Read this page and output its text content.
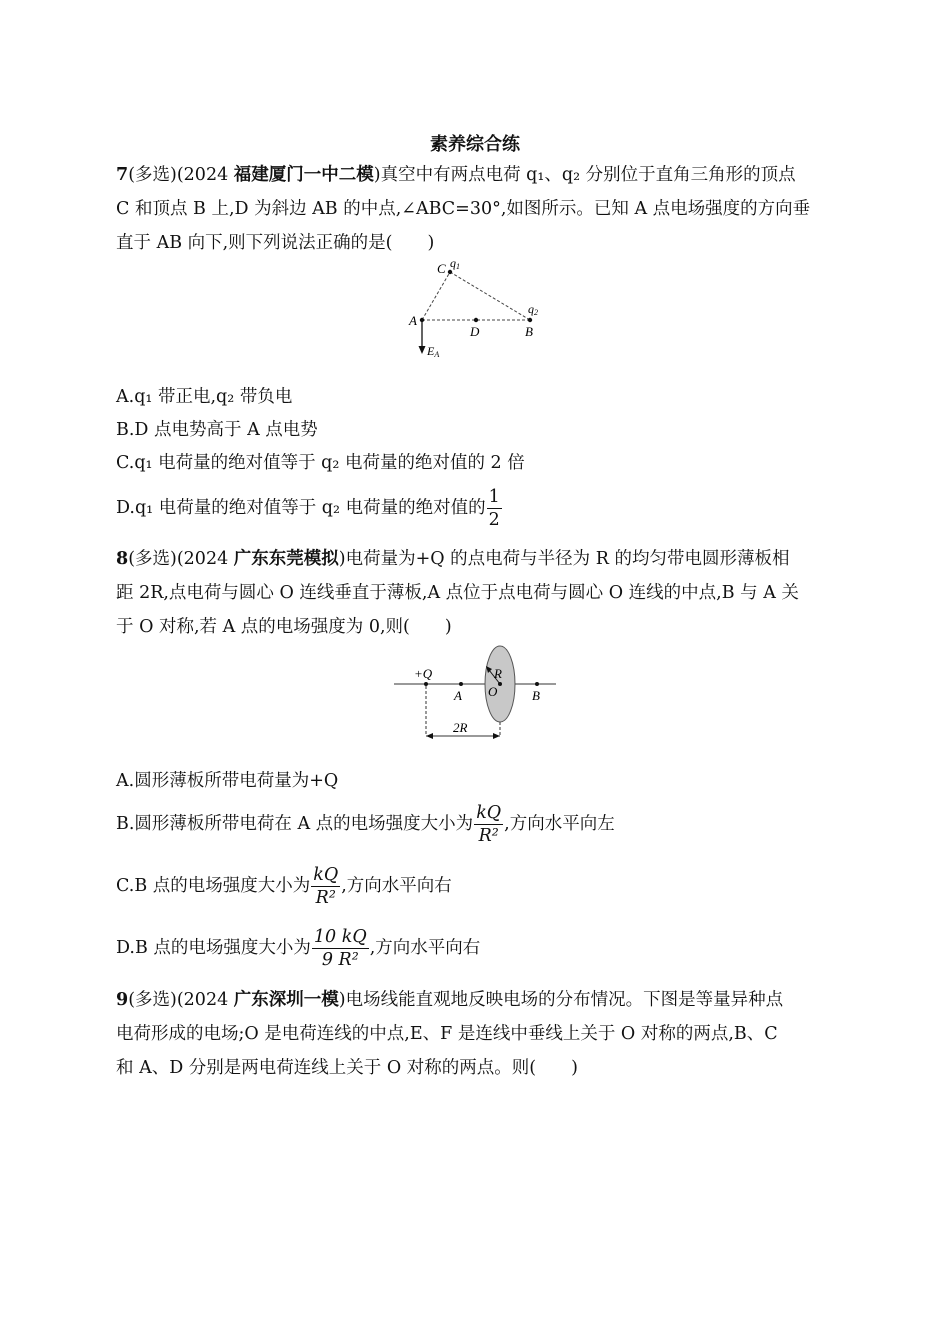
素养综合练
7(多选)(2024 福建厦门一中二模)真空中有两点电荷 q₁、q₂ 分别位于直角三角形的顶点
C 和顶点 B 上,D 为斜边 AB 的中点,∠ABC=30°,如图所示。已知 A 点电场强度的方向垂
直于 AB 向下,则下列说法正确的是(　　)
C q1
q2
A
D	B
EA
A.q₁ 带正电,q₂ 带负电
B.D 点电势高于 A 点电势
C.q₁ 电荷量的绝对值等于 q₂ 电荷量的绝对值的 2 倍
D.q₁ 电荷量的绝对值等于 q₂ 电荷量的绝对值的 $\frac{1}{2}$
8(多选)(2024 广东东莞模拟)电荷量为+Q 的点电荷与半径为 R 的均匀带电圆形薄板相
距 2R,点电荷与圆心 O 连线垂直于薄板,A 点位于点电荷与圆心 O 连线的中点,B 与 A 关
于 O 对称,若 A 点的电场强度为 0,则(　　)
+Q
A O
R
B
2R
A.圆形薄板所带电荷量为+Q
B.圆形薄板所带电荷在 A 点的电场强度大小为 $\frac{kQ}{\text{R²}}$ ,方向水平向左
C.B 点的电场强度大小为 $\frac{kQ}{\text{R²}}$ ,方向水平向右
D.B 点的电场强度大小为 $\frac{10 kQ}{\text{9 R²}}$ ,方向水平向右
9(多选)(2024 广东深圳一模)电场线能直观地反映电场的分布情况。下图是等量异种点
电荷形成的电场;O 是电荷连线的中点,E、F 是连线中垂线上关于 O 对称的两点,B、C
和 A、D 分别是两电荷连线上关于 O 对称的两点。则(　　)
